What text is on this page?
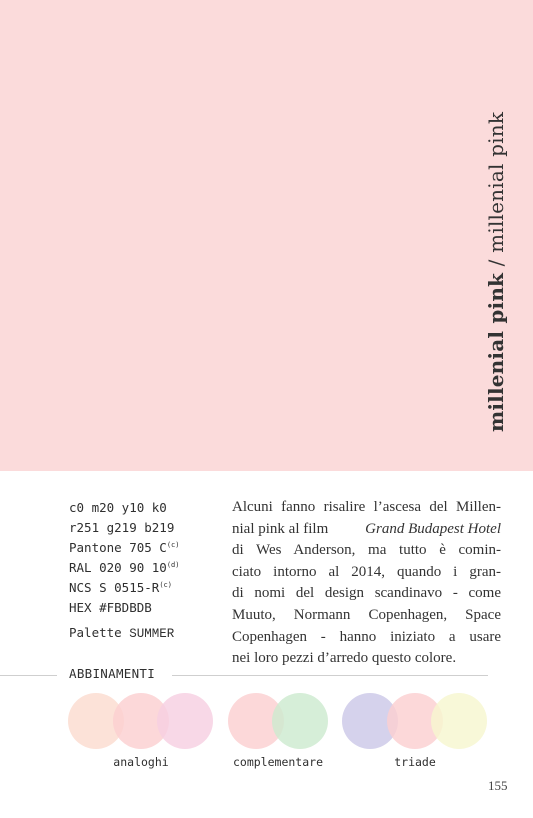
millenial pink / millenial pink
c0 m20 y10 k0
r251 g219 b219
Pantone 705 $C^{(c)}$
RAL 020 90 10$^{(d)}$
NCS S $0515-R^{(c)}$
HEX #FBDBDB
Palette SUMMER
Alcuni fanno risalire l’ascesa del Millen-
nial pink al film Grand Budapest Hotel
di Wes Anderson, ma tutto è comin-
ciato intorno al 2014, quando i gran-
di nomi del design scandinavo - come
Muuto, Normann Copenhagen, Space
Copenhagen - hanno iniziato a usare
nei loro pezzi d’arredo questo colore.
ABBINAMENTI
analoghi	complementare	triade
155
